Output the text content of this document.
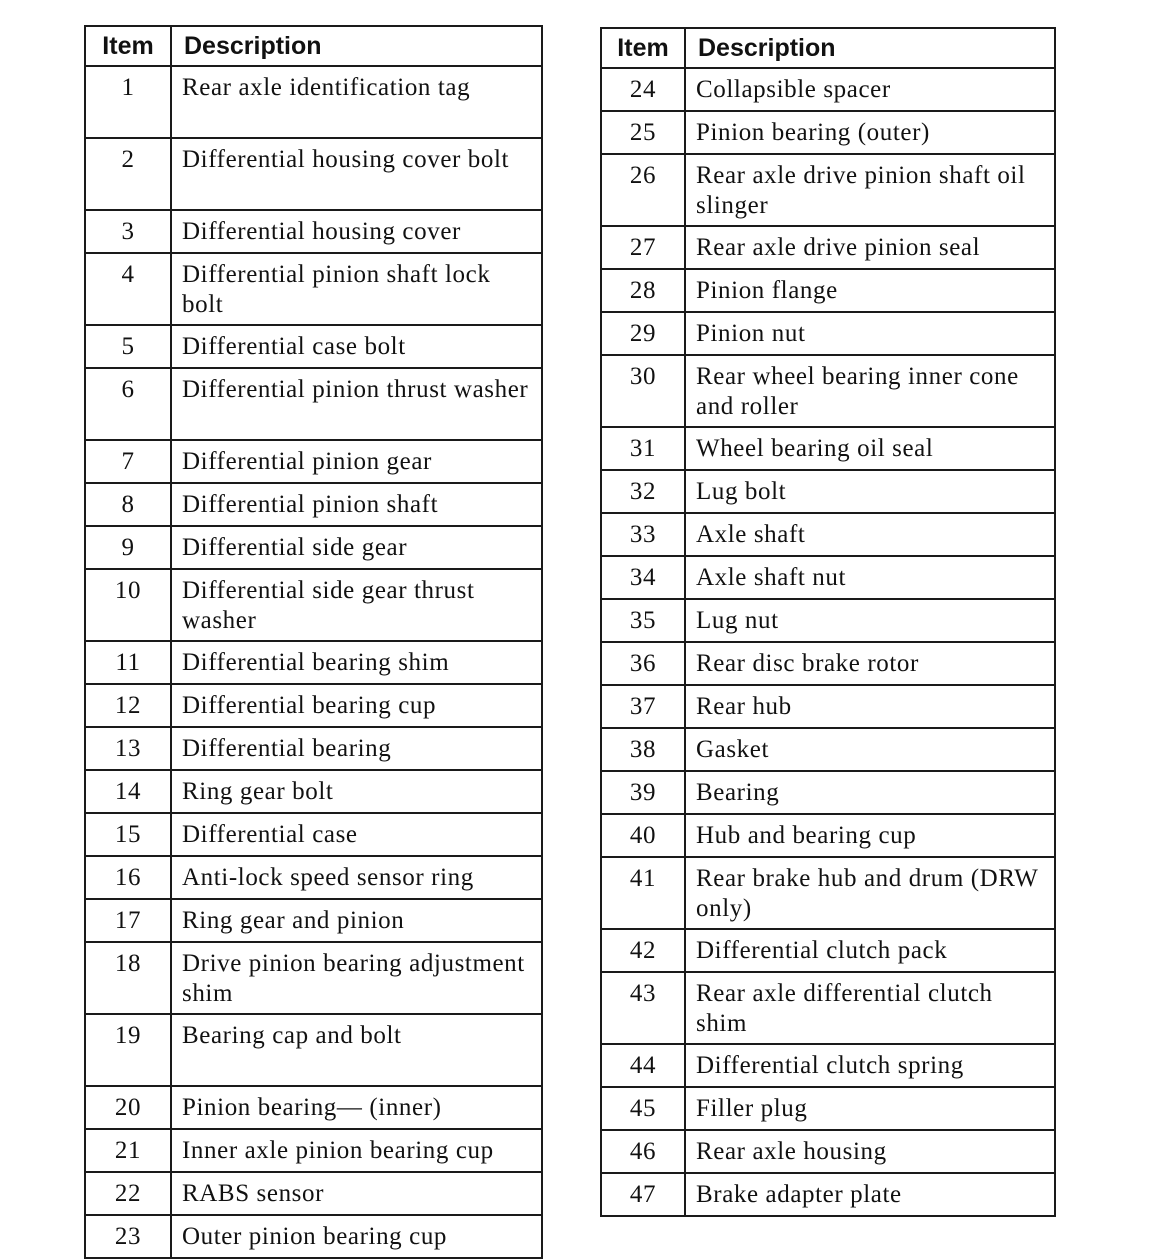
Item	Description
1	Rear axle identification tag
2	Differential housing cover bolt
3	Differential housing cover
4	Differential pinion shaft lock bolt
5	Differential case bolt
6	Differential pinion thrust washer
7	Differential pinion gear
8	Differential pinion shaft
9	Differential side gear
10	Differential side gear thrust washer
11	Differential bearing shim
12	Differential bearing cup
13	Differential bearing
14	Ring gear bolt
15	Differential case
16	Anti-lock speed sensor ring
17	Ring gear and pinion
18	Drive pinion bearing adjustment shim
19	Bearing cap and bolt
20	Pinion bearing— (inner)
21	Inner axle pinion bearing cup
22	RABS sensor
23	Outer pinion bearing cup
Item	Description
24	Collapsible spacer
25	Pinion bearing (outer)
26	Rear axle drive pinion shaft oil slinger
27	Rear axle drive pinion seal
28	Pinion flange
29	Pinion nut
30	Rear wheel bearing inner cone and roller
31	Wheel bearing oil seal
32	Lug bolt
33	Axle shaft
34	Axle shaft nut
35	Lug nut
36	Rear disc brake rotor
37	Rear hub
38	Gasket
39	Bearing
40	Hub and bearing cup
41	Rear brake hub and drum (DRW only)
42	Differential clutch pack
43	Rear axle differential clutch shim
44	Differential clutch spring
45	Filler plug
46	Rear axle housing
47	Brake adapter plate
